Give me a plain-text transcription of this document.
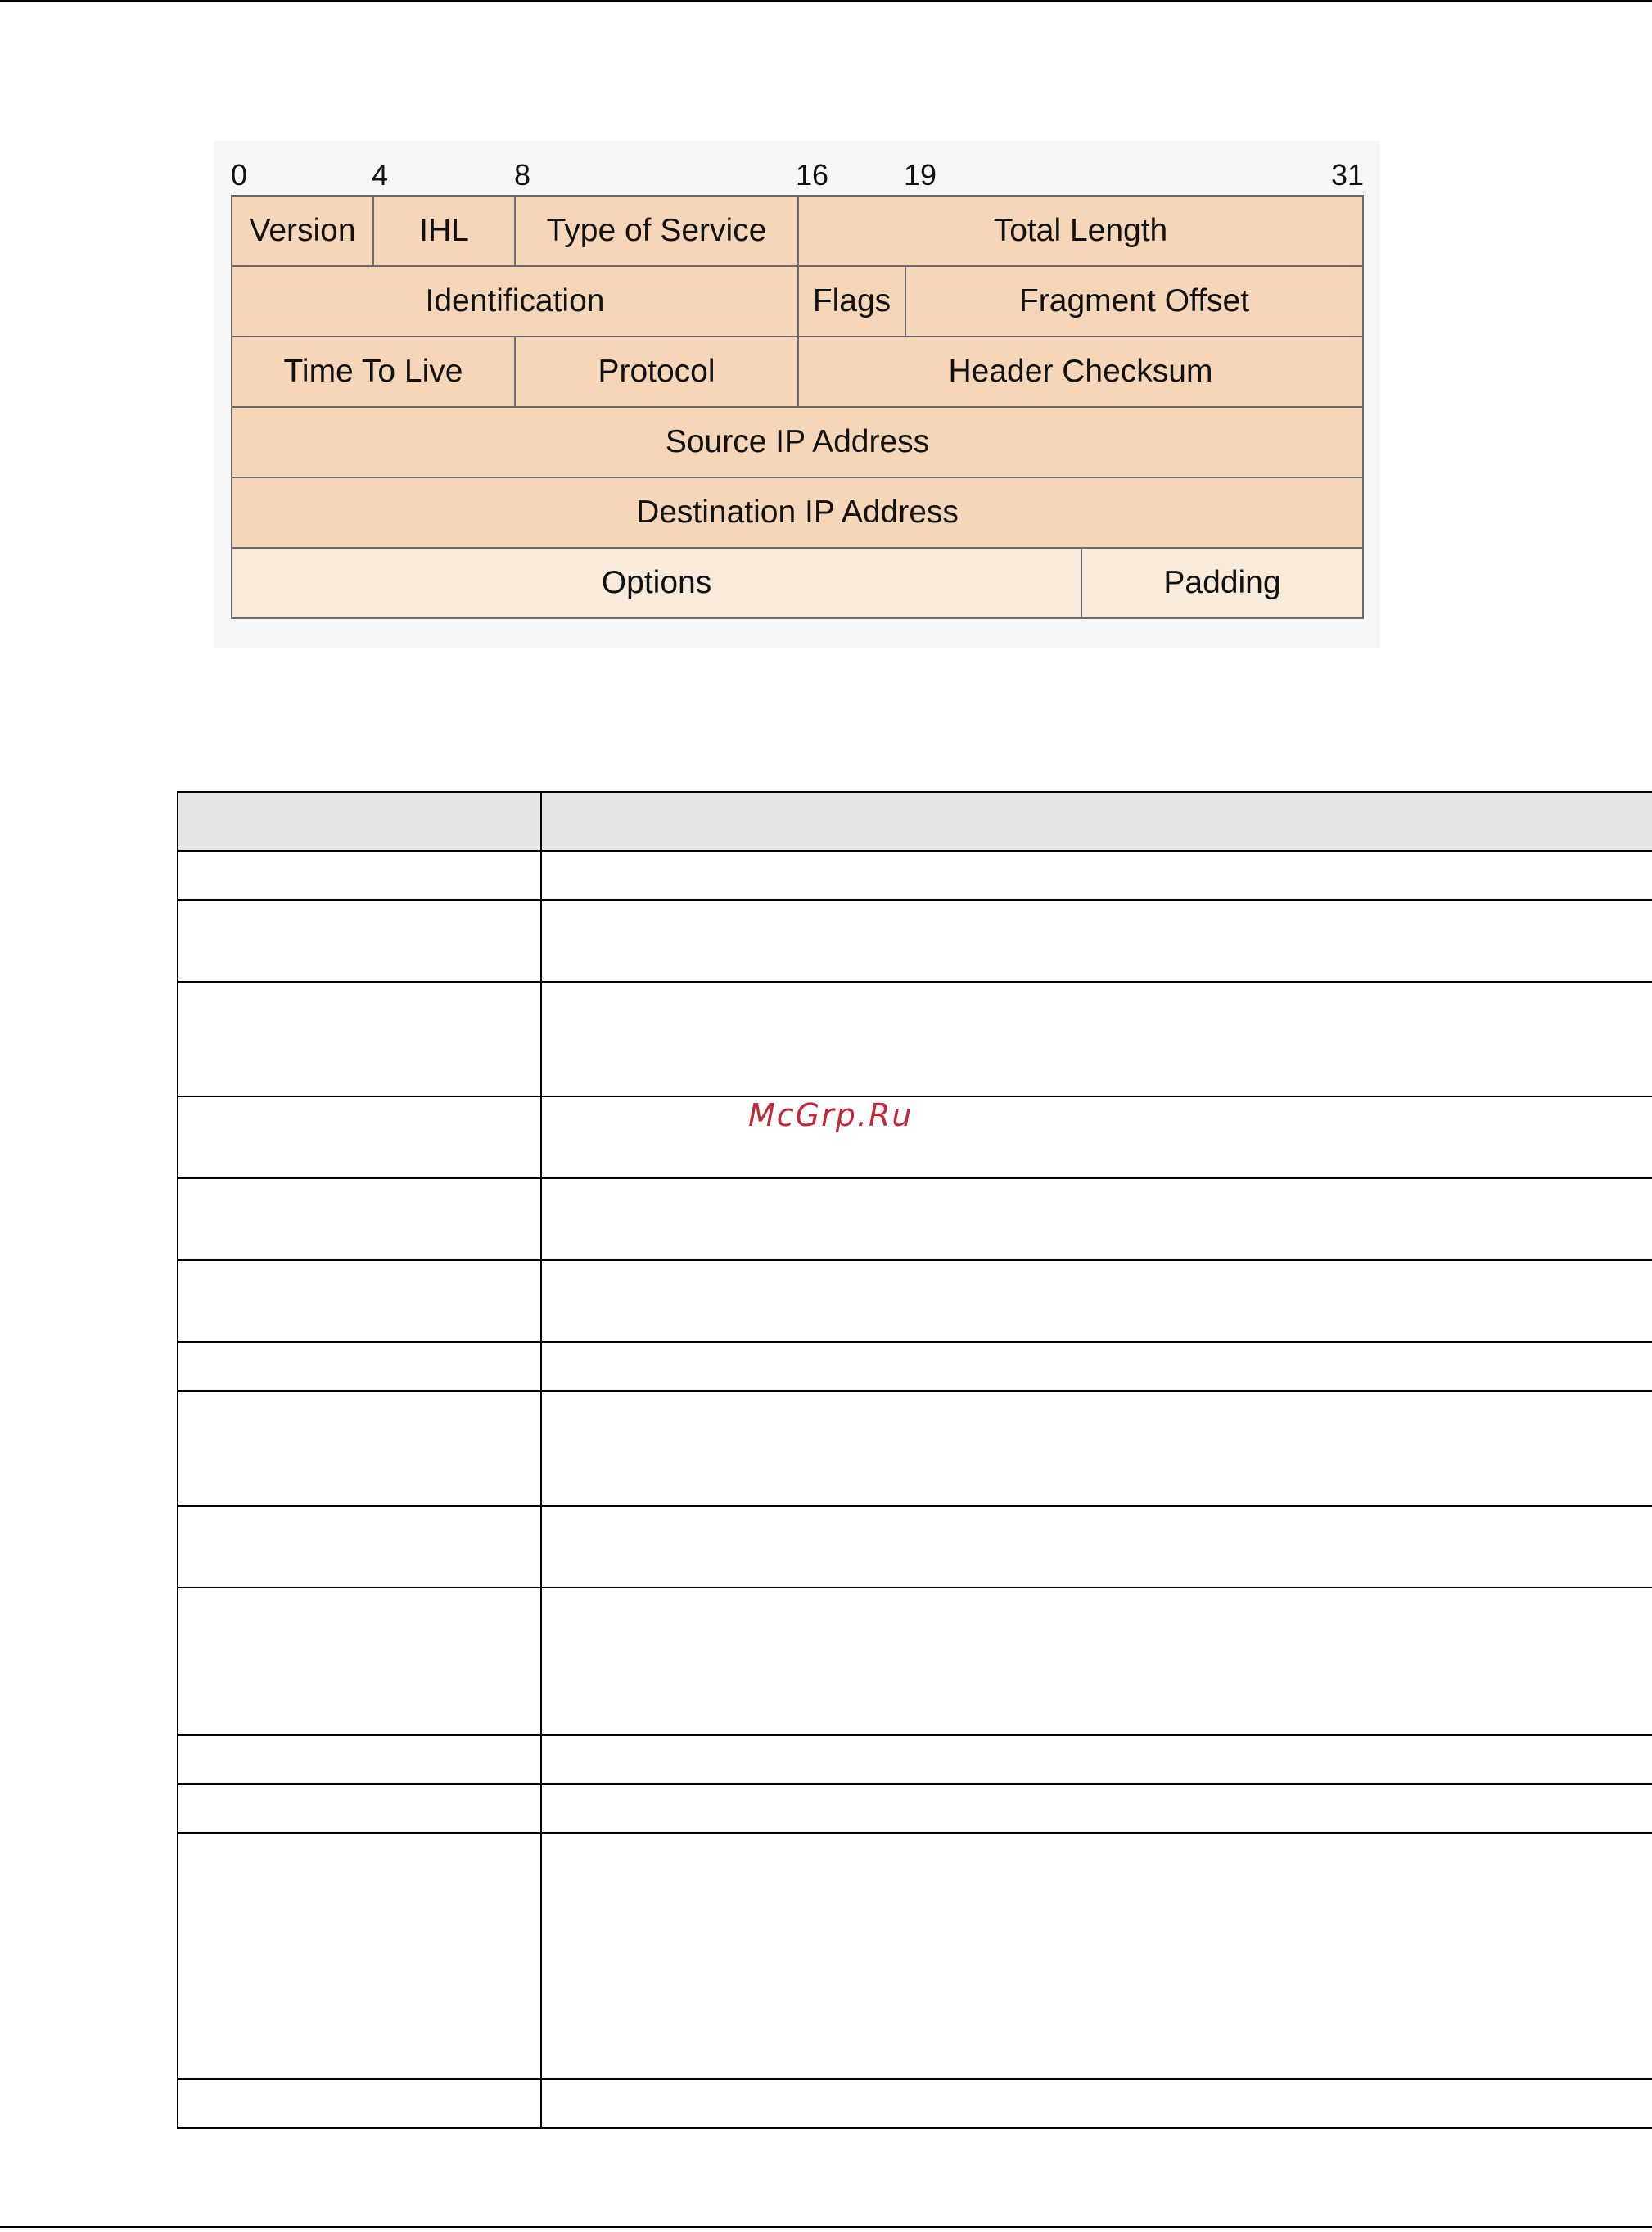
0	4	8	16	19	31
Version	IHL	Type of Service	Total Length
Identification	Flags	Fragment Offset
Time To Live	Protocol	Header Checksum
Source IP Address
Destination IP Address
Options	Padding

McGrp.Ru
